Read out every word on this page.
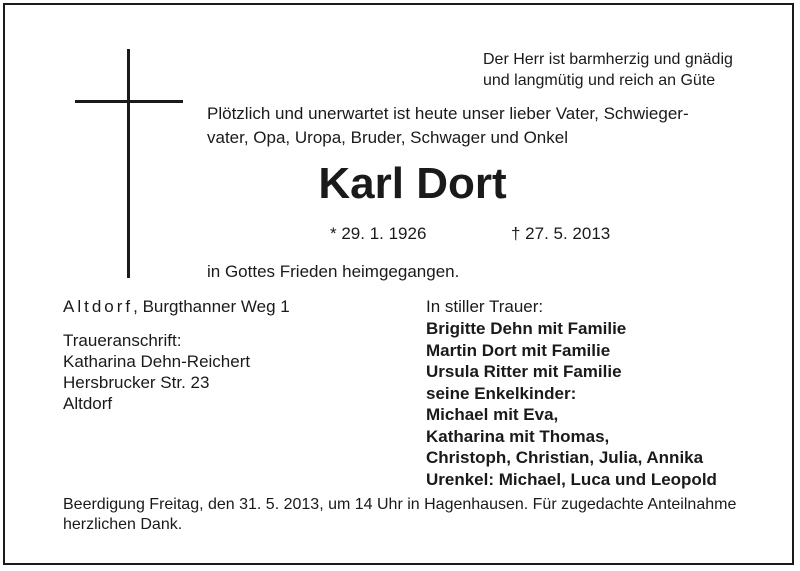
Der Herr ist barmherzig und gnädig
und langmütig und reich an Güte
Plötzlich und unerwartet ist heute unser lieber Vater, Schwieger-
vater, Opa, Uropa, Bruder, Schwager und Onkel
Karl Dort
* 29. 1. 1926	† 27. 5. 2013
in Gottes Frieden heimgegangen.
Altdorf, Burgthanner Weg 1
Traueranschrift:
Katharina Dehn-Reichert
Hersbrucker Str. 23
Altdorf
In stiller Trauer:
Brigitte Dehn mit Familie
Martin Dort mit Familie
Ursula Ritter mit Familie
seine Enkelkinder:
Michael mit Eva,
Katharina mit Thomas,
Christoph, Christian, Julia, Annika
Urenkel: Michael, Luca und Leopold
Beerdigung Freitag, den 31. 5. 2013, um 14 Uhr in Hagenhausen. Für zugedachte Anteilnahme
herzlichen Dank.
